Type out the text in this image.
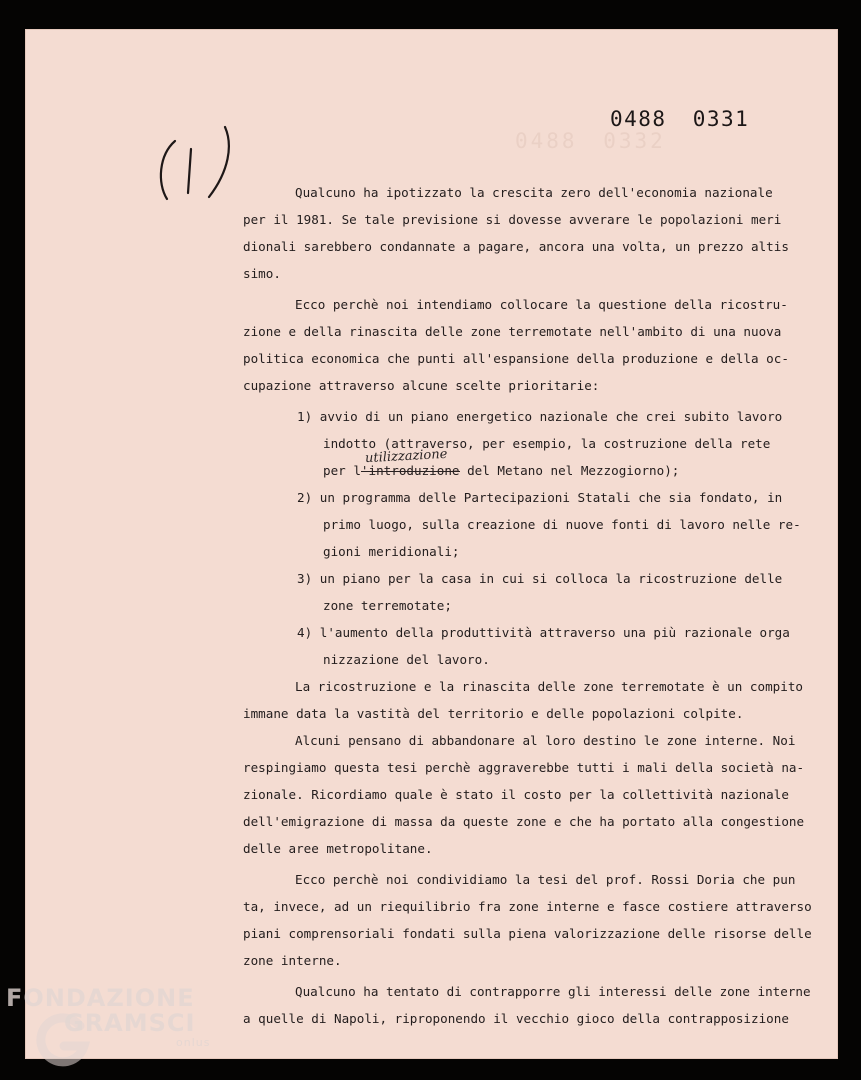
0488 0332
0488 0331
utilizzazione
Qualcuno ha ipotizzato la crescita zero dell'economia nazionale
per il 1981. Se tale previsione si dovesse avverare le popolazioni meri
dionali sarebbero condannate a pagare, ancora una volta, un prezzo altis
simo.
Ecco perchè noi intendiamo collocare la questione della ricostru-
zione e della rinascita delle zone terremotate nell'ambito di una nuova
politica economica che punti all'espansione della produzione e della oc-
cupazione attraverso alcune scelte prioritarie:
1) avvio di un piano energetico nazionale che crei subito lavoro
indotto (attraverso, per esempio, la costruzione della rete
per l'introduzione
del Metano nel Mezzogiorno);
2) un programma delle Partecipazioni Statali che sia fondato, in
primo luogo, sulla creazione di nuove fonti di lavoro nelle re-
gioni meridionali;
3) un piano per la casa in cui si colloca la ricostruzione delle
zone terremotate;
4) l'aumento della produttività attraverso una più razionale orga
nizzazione del lavoro.
La ricostruzione e la rinascita delle zone terremotate è un compito
immane data la vastità del territorio e delle popolazioni colpite.
Alcuni pensano di abbandonare al loro destino le zone interne. Noi
respingiamo questa tesi perchè aggraverebbe tutti i mali della società na-
zionale. Ricordiamo quale è stato il costo per la collettività nazionale
dell'emigrazione di massa da queste zone e che ha portato alla congestione
delle aree metropolitane.
Ecco perchè noi condividiamo la tesi del prof. Rossi Doria che pun
ta, invece, ad un riequilibrio fra zone interne e fasce costiere attraverso
piani comprensoriali fondati sulla piena valorizzazione delle risorse delle
zone interne.
Qualcuno ha tentato di contrapporre gli interessi delle zone interne
a quelle di Napoli, riproponendo il vecchio gioco della contrapposizione
FONDAZIONE
GRAMSCI
onlus
